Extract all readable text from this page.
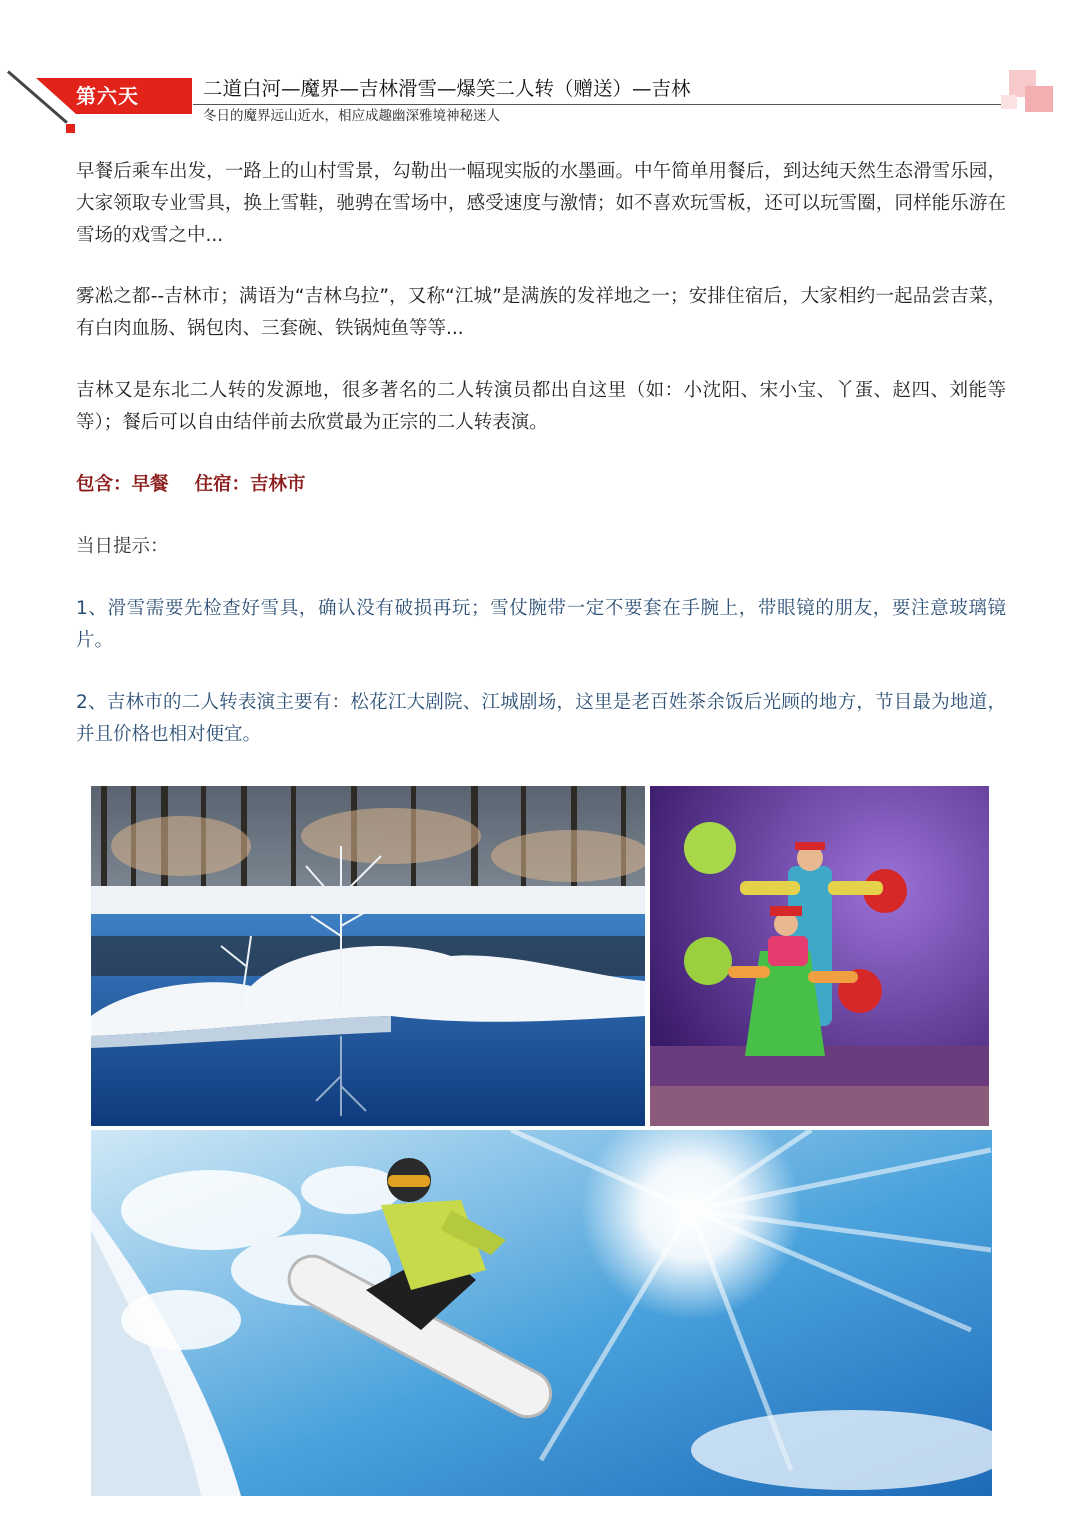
第六天	二道白河—魔界—吉林滑雪—爆笑二人转（赠送）—吉林
冬日的魔界远山近水，相应成趣幽深雅境神秘迷人

早餐后乘车出发，一路上的山村雪景，勾勒出一幅现实版的水墨画。中午简单用餐后，到达纯天然生态滑雪乐园，大家领取专业雪具，换上雪鞋，驰骋在雪场中，感受速度与激情；如不喜欢玩雪板，还可以玩雪圈，同样能乐游在雪场的戏雪之中...

雾凇之都--吉林市；满语为“吉林乌拉”，又称“江城”是满族的发祥地之一；安排住宿后，大家相约一起品尝吉菜，有白肉血肠、锅包肉、三套碗、铁锅炖鱼等等...

吉林又是东北二人转的发源地，很多著名的二人转演员都出自这里（如：小沈阳、宋小宝、丫蛋、赵四、刘能等等）；餐后可以自由结伴前去欣赏最为正宗的二人转表演。

包含：早餐 住宿：吉林市

当日提示：

1、滑雪需要先检查好雪具，确认没有破损再玩；雪仗腕带一定不要套在手腕上，带眼镜的朋友，要注意玻璃镜片。

2、吉林市的二人转表演主要有：松花江大剧院、江城剧场，这里是老百姓茶余饭后光顾的地方，节目最为地道，并且价格也相对便宜。
